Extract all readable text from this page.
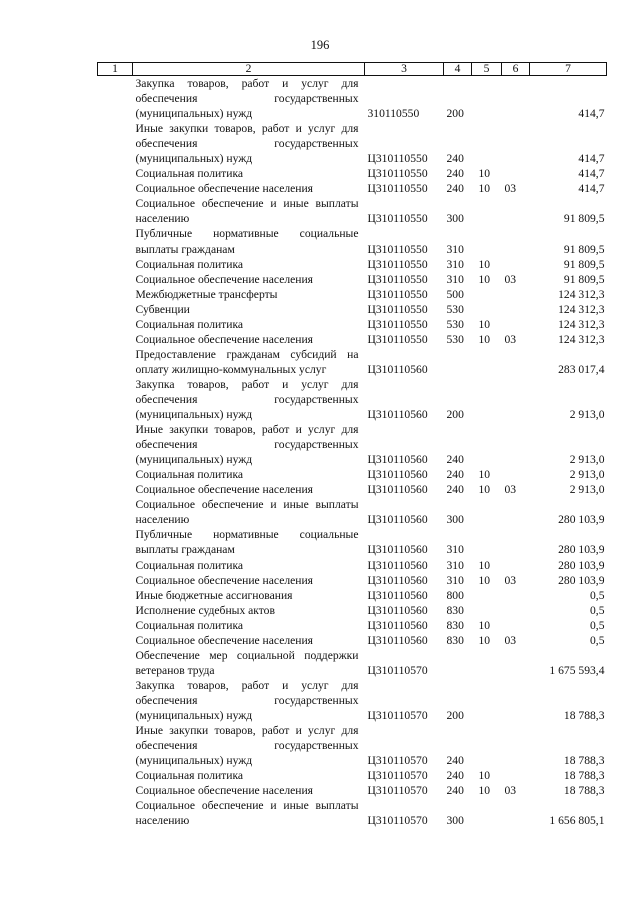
196
1	2	3	4	5	6	7
	Закупка товаров, работ и услуг для обеспечения государственных (муниципальных) нужд	310110550	200			414,7
	Иные закупки товаров, работ и услуг для обеспечения государственных (муниципальных) нужд	Ц310110550	240			414,7
	Социальная политика	Ц310110550	240	10		414,7
	Социальное обеспечение населения	Ц310110550	240	10	03	414,7
	Социальное обеспечение и иные выплаты населению	Ц310110550	300			91 809,5
	Публичные нормативные социальные выплаты гражданам	Ц310110550	310			91 809,5
	Социальная политика	Ц310110550	310	10		91 809,5
	Социальное обеспечение населения	Ц310110550	310	10	03	91 809,5
	Межбюджетные трансферты	Ц310110550	500			124 312,3
	Субвенции	Ц310110550	530			124 312,3
	Социальная политика	Ц310110550	530	10		124 312,3
	Социальное обеспечение населения	Ц310110550	530	10	03	124 312,3
	Предоставление гражданам субсидий на оплату жилищно-коммунальных услуг	Ц310110560				283 017,4
	Закупка товаров, работ и услуг для обеспечения государственных (муниципальных) нужд	Ц310110560	200			2 913,0
	Иные закупки товаров, работ и услуг для обеспечения государственных (муниципальных) нужд	Ц310110560	240			2 913,0
	Социальная политика	Ц310110560	240	10		2 913,0
	Социальное обеспечение населения	Ц310110560	240	10	03	2 913,0
	Социальное обеспечение и иные выплаты населению	Ц310110560	300			280 103,9
	Публичные нормативные социальные выплаты гражданам	Ц310110560	310			280 103,9
	Социальная политика	Ц310110560	310	10		280 103,9
	Социальное обеспечение населения	Ц310110560	310	10	03	280 103,9
	Иные бюджетные ассигнования	Ц310110560	800			0,5
	Исполнение судебных актов	Ц310110560	830			0,5
	Социальная политика	Ц310110560	830	10		0,5
	Социальное обеспечение населения	Ц310110560	830	10	03	0,5
	Обеспечение мер социальной поддержки ветеранов труда	Ц310110570				1 675 593,4
	Закупка товаров, работ и услуг для обеспечения государственных (муниципальных) нужд	Ц310110570	200			18 788,3
	Иные закупки товаров, работ и услуг для обеспечения государственных (муниципальных) нужд	Ц310110570	240			18 788,3
	Социальная политика	Ц310110570	240	10		18 788,3
	Социальное обеспечение населения	Ц310110570	240	10	03	18 788,3
	Социальное обеспечение и иные выплаты населению	Ц310110570	300			1 656 805,1
